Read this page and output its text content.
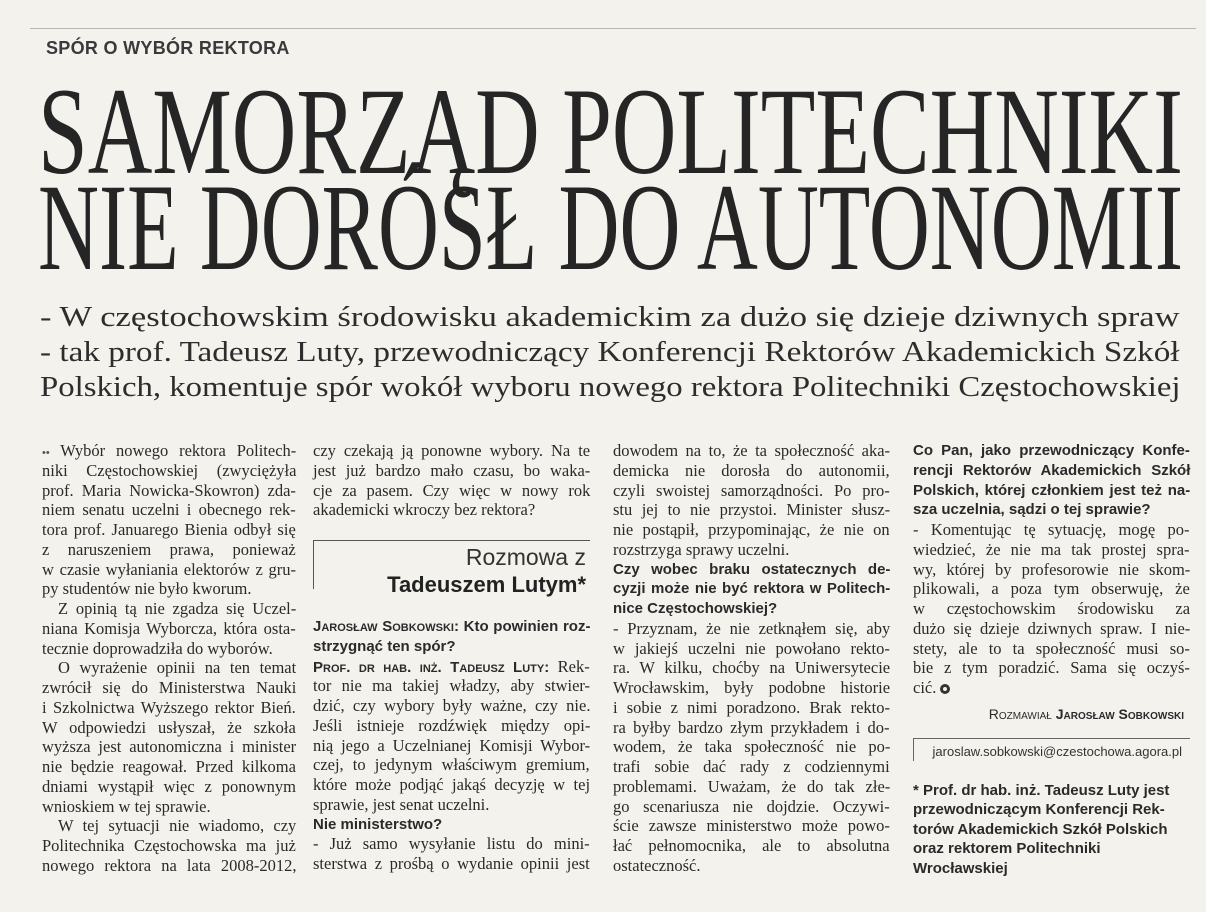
SPÓR O WYBÓR REKTORA
SAMORZĄD POLITECHNIKI
NIE DORÓSŁ DO AUTONOMII
- W częstochowskim środowisku akademickim za dużo się dzieje dziwnych spraw
- tak prof. Tadeusz Luty, przewodniczący Konferencji Rektorów Akademickich Szkół
Polskich, komentuje spór wokół wyboru nowego rektora Politechniki Częstochowskiej
•• Wybór nowego rektora Politech-
niki Częstochowskiej (zwyciężyła
prof. Maria Nowicka-Skowron) zda-
niem senatu uczelni i obecnego rek-
tora prof. Januarego Bienia odbył się
z naruszeniem prawa, ponieważ
w czasie wyłaniania elektorów z gru-
py studentów nie było kworum.
Z opinią tą nie zgadza się Uczel-
niana Komisja Wyborcza, która osta-
tecznie doprowadziła do wyborów.
O wyrażenie opinii na ten temat
zwrócił się do Ministerstwa Nauki
i Szkolnictwa Wyższego rektor Bień.
W odpowiedzi usłyszał, że szkoła
wyższa jest autonomiczna i minister
nie będzie reagował. Przed kilkoma
dniami wystąpił więc z ponownym
wnioskiem w tej sprawie.
W tej sytuacji nie wiadomo, czy
Politechnika Częstochowska ma już
nowego rektora na lata 2008-2012,
czy czekają ją ponowne wybory. Na te
jest już bardzo mało czasu, bo waka-
cje za pasem. Czy więc w nowy rok
akademicki wkroczy bez rektora?
Rozmowa z
Tadeuszem Lutym*
Jarosław Sobkowski: Kto powinien roz-
strzygnąć ten spór?
Prof. dr hab. inż. Tadeusz Luty: Rek-
tor nie ma takiej władzy, aby stwier-
dzić, czy wybory były ważne, czy nie.
Jeśli istnieje rozdźwięk między opi-
nią jego a Uczelnianej Komisji Wybor-
czej, to jedynym właściwym gremium,
które może podjąć jakąś decyzję w tej
sprawie, jest senat uczelni.
Nie ministerstwo?
- Już samo wysyłanie listu do mini-
sterstwa z prośbą o wydanie opinii jest
dowodem na to, że ta społeczność aka-
demicka nie dorosła do autonomii,
czyli swoistej samorządności. Po pro-
stu jej to nie przystoi. Minister słusz-
nie postąpił, przypominając, że nie on
rozstrzyga sprawy uczelni.
Czy wobec braku ostatecznych de-
cyzji może nie być rektora w Politech-
nice Częstochowskiej?
- Przyznam, że nie zetknąłem się, aby
w jakiejś uczelni nie powołano rekto-
ra. W kilku, choćby na Uniwersytecie
Wrocławskim, były podobne historie
i sobie z nimi poradzono. Brak rekto-
ra byłby bardzo złym przykładem i do-
wodem, że taka społeczność nie po-
trafi sobie dać rady z codziennymi
problemami. Uważam, że do tak złe-
go scenariusza nie dojdzie. Oczywi-
ście zawsze ministerstwo może powo-
łać pełnomocnika, ale to absolutna
ostateczność.
Co Pan, jako przewodniczący Konfe-
rencji Rektorów Akademickich Szkół
Polskich, której członkiem jest też na-
sza uczelnia, sądzi o tej sprawie?
- Komentując tę sytuację, mogę po-
wiedzieć, że nie ma tak prostej spra-
wy, której by profesorowie nie skom-
plikowali, a poza tym obserwuję, że
w częstochowskim środowisku za
dużo się dzieje dziwnych spraw. I nie-
stety, ale to ta społeczność musi so-
bie z tym poradzić. Sama się oczyś-
cić.
Rozmawiał Jarosław Sobkowski
jaroslaw.sobkowski@czestochowa.agora.pl
* Prof. dr hab. inż. Tadeusz Luty jest
przewodniczącym Konferencji Rek-
torów Akademickich Szkół Polskich
oraz rektorem Politechniki
Wrocławskiej
